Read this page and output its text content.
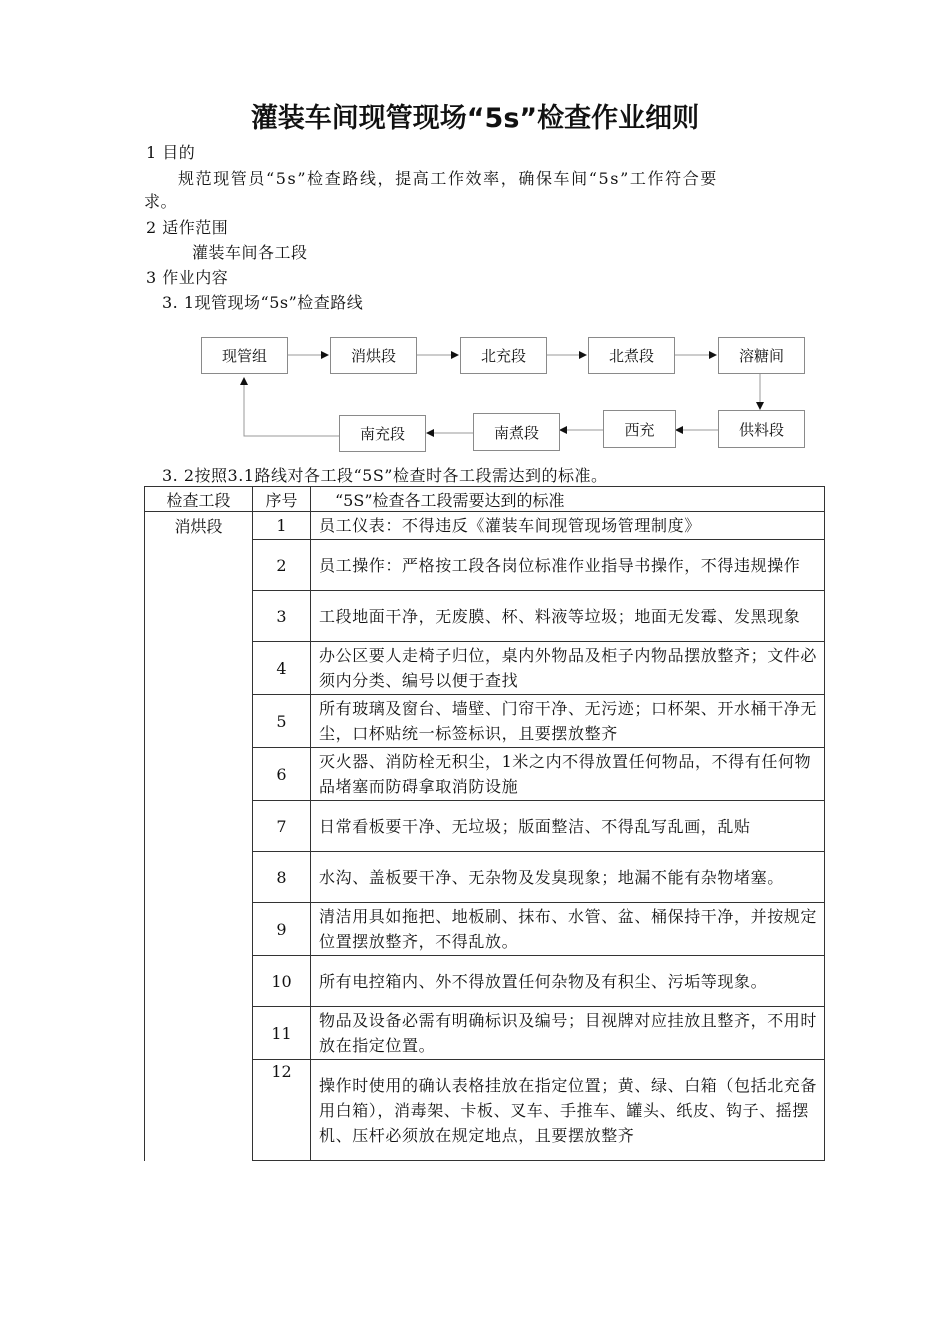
灌装车间现管现场“5s”检查作业细则
1 目的
规范现管员“5s”检查路线，提高工作效率，确保车间“5s”工作符合要
求。
2 适作范围
灌装车间各工段
3 作业内容
3. 1现管现场“5s”检查路线
现管组	消烘段	北充段	北煮段	溶糖间
供料段
西充
南煮段
南充段
3. 2按照3.1路线对各工段“5S”检查时各工段需达到的标准。
检查工段	序号	“5S”检查各工段需要达到的标准
消烘段	1	员工仪表：不得违反《灌装车间现管现场管理制度》
	2	员工操作：严格按工段各岗位标准作业指导书操作，不得违规操作
	3	工段地面干净，无废膜、杯、料液等垃圾；地面无发霉、发黑现象
	4	办公区要人走椅子归位，桌内外物品及柜子内物品摆放整齐；文件必须内分类、编号以便于查找
	5	所有玻璃及窗台、墙壁、门帘干净、无污迹；口杯架、开水桶干净无尘，口杯贴统一标签标识，且要摆放整齐
	6	灭火器、消防栓无积尘，1米之内不得放置任何物品，不得有任何物品堵塞而防碍拿取消防设施
	7	日常看板要干净、无垃圾；版面整洁、不得乱写乱画，乱贴
	8	水沟、盖板要干净、无杂物及发臭现象；地漏不能有杂物堵塞。
	9	清洁用具如拖把、地板刷、抹布、水管、盆、桶保持干净，并按规定位置摆放整齐，不得乱放。
	10	所有电控箱内、外不得放置任何杂物及有积尘、污垢等现象。
	11	物品及设备必需有明确标识及编号；目视牌对应挂放且整齐，不用时放在指定位置。
	12	操作时使用的确认表格挂放在指定位置；黄、绿、白箱（包括北充备用白箱），消毒架、卡板、叉车、手推车、罐头、纸皮、钩子、摇摆机、压杆必须放在规定地点，且要摆放整齐
